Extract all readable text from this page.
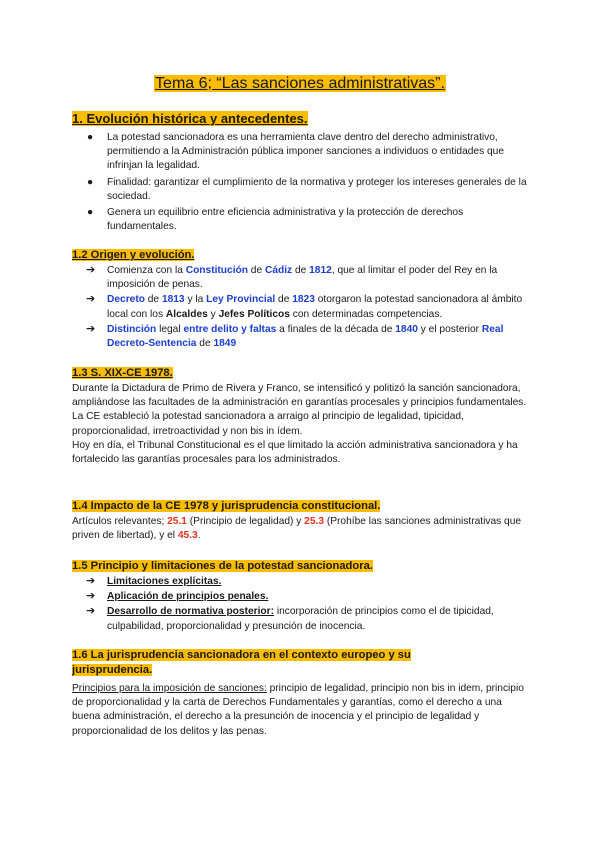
Tema 6; “Las sanciones administrativas”.
1. Evolución histórica y antecedentes.
● La potestad sancionadora es una herramienta clave dentro del derecho administrativo, permitiendo a la Administración pública imponer sanciones a individuos o entidades que infrinjan la legalidad.
● Finalidad: garantizar el cumplimiento de la normativa y proteger los intereses generales de la sociedad.
● Genera un equilibrio entre eficiencia administrativa y la protección de derechos fundamentales.
1.2 Origen y evolución.
➔ Comienza con la Constitución de Cádiz de 1812, que al limitar el poder del Rey en la imposición de penas.
➔ Decreto de 1813 y la Ley Provincial de 1823 otorgaron la potestad sancionadora al ámbito local con los Alcaldes y Jefes Políticos con determinadas competencias.
➔ Distinción legal entre delito y faltas a finales de la década de 1840 y el posterior Real Decreto-Sentencia de 1849
1.3 S. XIX-CE 1978.
Durante la Dictadura de Primo de Rivera y Franco, se intensificó y politizó la sanción sancionadora, ampliándose las facultades de la administración en garantías procesales y principios fundamentales.
La CE estableció la potestad sancionadora a arraigo al principio de legalidad, tipicidad, proporcionalidad, irretroactividad y non bis in ídem.
Hoy en día, el Tribunal Constitucional es el que limitado la acción administrativa sancionadora y ha fortalecido las garantías procesales para los administrados.
1.4 Impacto de la CE 1978 y jurisprudencia constitucional.
Artículos relevantes; 25.1 (Principio de legalidad) y 25.3 (Prohíbe las sanciones administrativas que priven de libertad), y el 45.3.
1.5 Principio y limitaciones de la potestad sancionadora.
➔ Limitaciones explícitas.
➔ Aplicación de principios penales.
➔ Desarrollo de normativa posterior: incorporación de principios como el de tipicidad, culpabilidad, proporcionalidad y presunción de inocencia.
1.6 La jurisprudencia sancionadora en el contexto europeo y su
jurisprudencia.
Principios para la imposición de sanciones: principio de legalidad, principio non bis in idem, principio de proporcionalidad y la carta de Derechos Fundamentales y garantías, como el derecho a una buena administración, el derecho a la presunción de inocencia y el principio de legalidad y proporcionalidad de los delitos y las penas.
